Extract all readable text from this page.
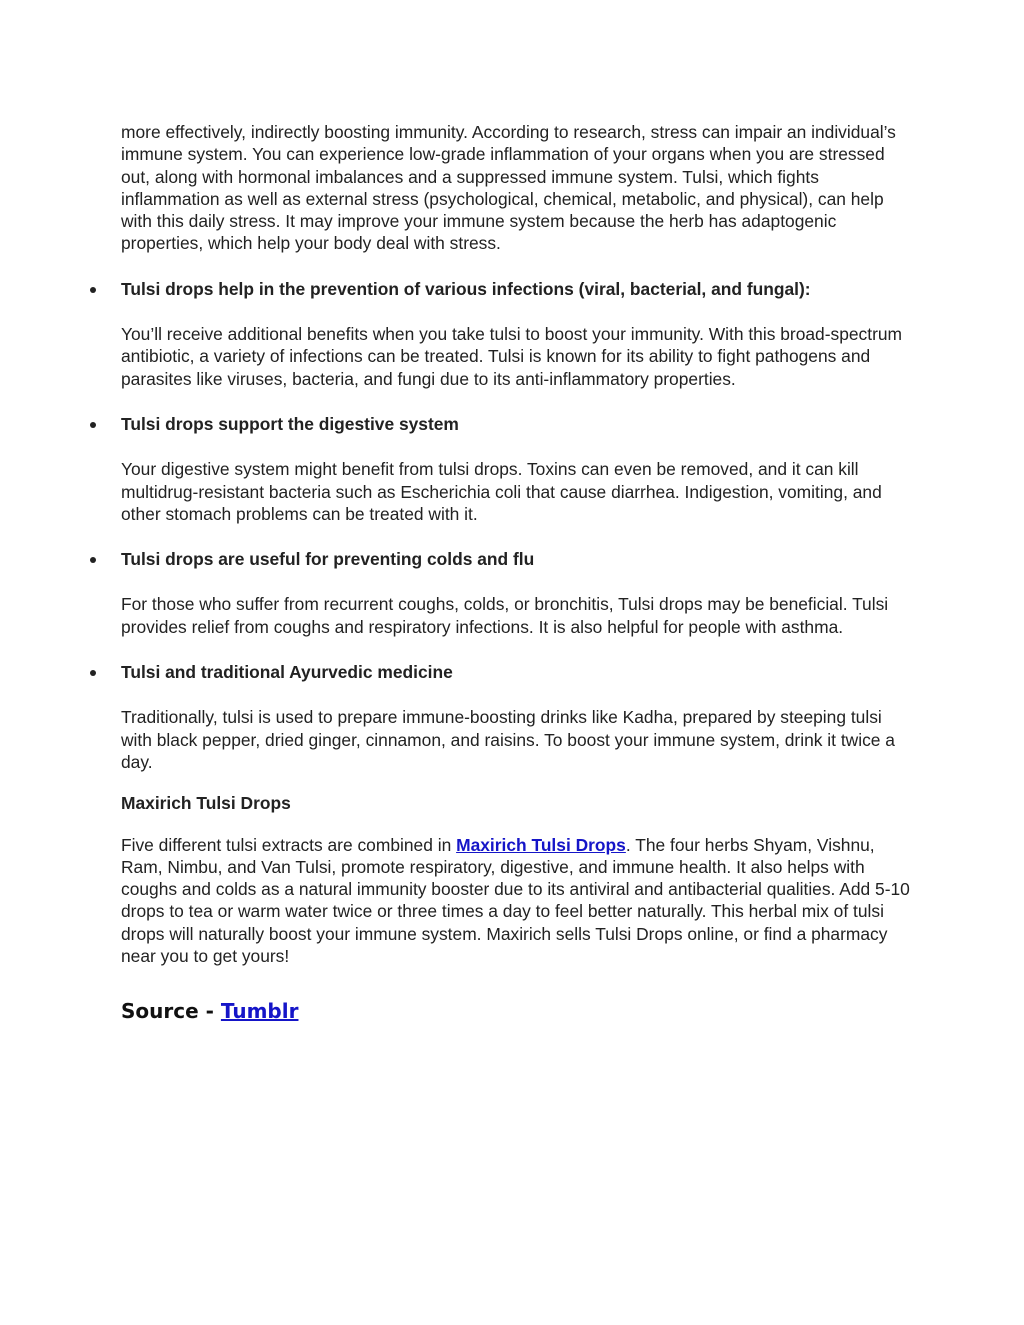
more effectively, indirectly boosting immunity. According to research, stress can impair an individual’s immune system. You can experience low-grade inflammation of your organs when you are stressed out, along with hormonal imbalances and a suppressed immune system. Tulsi, which fights inflammation as well as external stress (psychological, chemical, metabolic, and physical), can help with this daily stress. It may improve your immune system because the herb has adaptogenic properties, which help your body deal with stress.

Tulsi drops help in the prevention of various infections (viral, bacterial, and fungal):

You’ll receive additional benefits when you take tulsi to boost your immunity. With this broad-spectrum antibiotic, a variety of infections can be treated. Tulsi is known for its ability to fight pathogens and parasites like viruses, bacteria, and fungi due to its anti-inflammatory properties.

Tulsi drops support the digestive system

Your digestive system might benefit from tulsi drops. Toxins can even be removed, and it can kill multidrug-resistant bacteria such as Escherichia coli that cause diarrhea. Indigestion, vomiting, and other stomach problems can be treated with it.

Tulsi drops are useful for preventing colds and flu

For those who suffer from recurrent coughs, colds, or bronchitis, Tulsi drops may be beneficial. Tulsi provides relief from coughs and respiratory infections. It is also helpful for people with asthma.

Tulsi and traditional Ayurvedic medicine

Traditionally, tulsi is used to prepare immune-boosting drinks like Kadha, prepared by steeping tulsi with black pepper, dried ginger, cinnamon, and raisins. To boost your immune system, drink it twice a day.

Maxirich Tulsi Drops

Five different tulsi extracts are combined in Maxirich Tulsi Drops. The four herbs Shyam, Vishnu, Ram, Nimbu, and Van Tulsi, promote respiratory, digestive, and immune health. It also helps with coughs and colds as a natural immunity booster due to its antiviral and antibacterial qualities. Add 5-10 drops to tea or warm water twice or three times a day to feel better naturally. This herbal mix of tulsi drops will naturally boost your immune system. Maxirich sells Tulsi Drops online, or find a pharmacy near you to get yours!

Source - Tumblr
